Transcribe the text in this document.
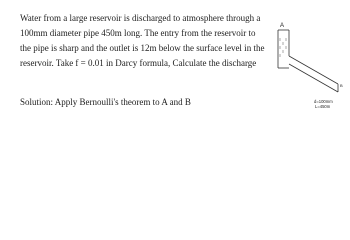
Water from a large reservoir is discharged to atmosphere through a
100mm diameter pipe 450m long. The entry from the reservoir to
the pipe is sharp and the outlet is 12m below the surface level in the
reservoir. Take f = 0.01 in Darcy formula, Calculate the discharge
Solution: Apply Bernoulli's theorem to A and B
A
B
d=100mm
L=450m
